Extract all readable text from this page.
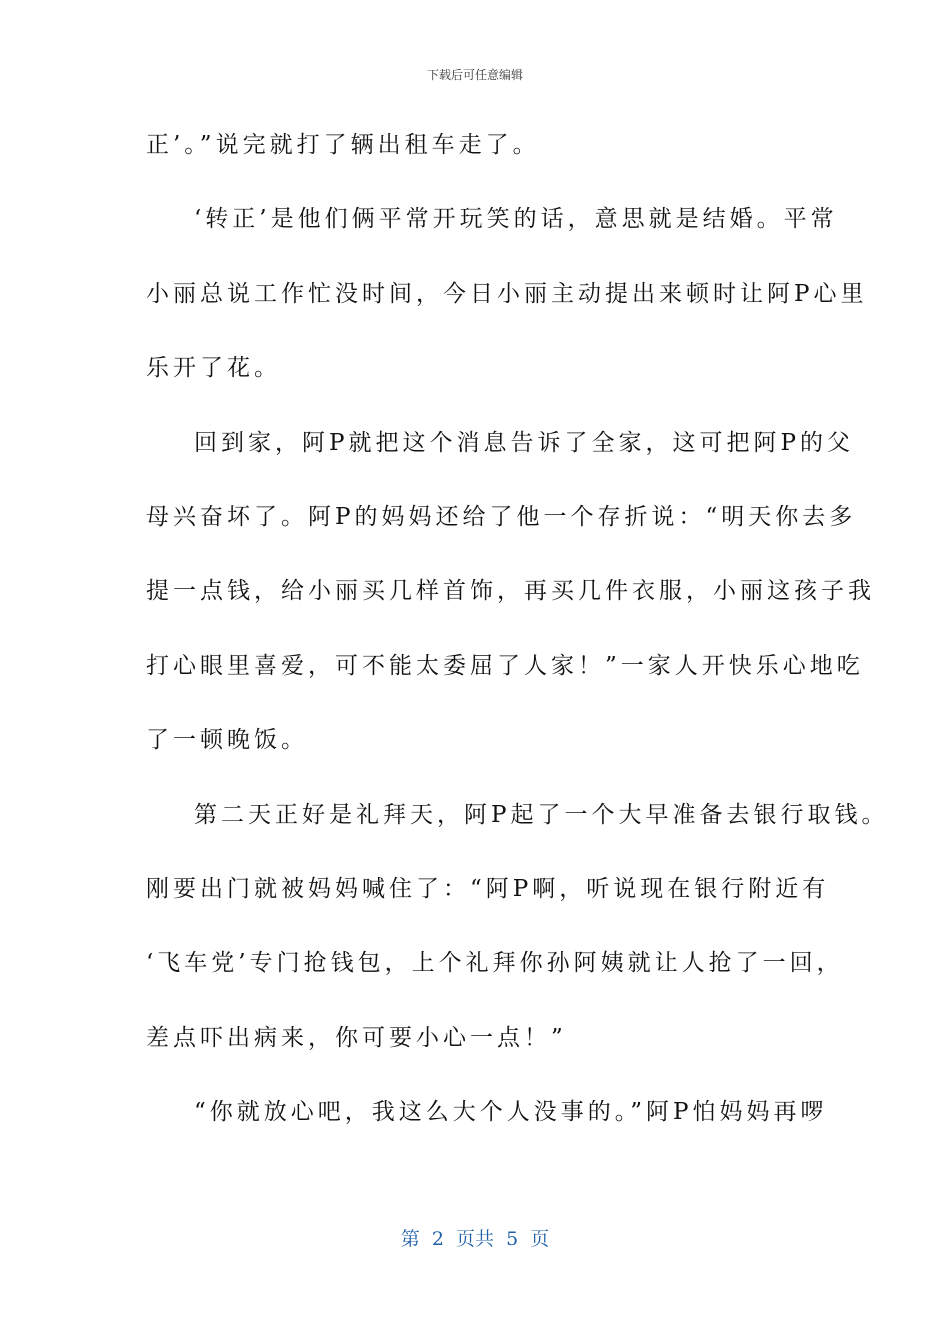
下载后可任意编辑
正’。”说完就打了辆出租车走了。
‘转正’是他们俩平常开玩笑的话，意思就是结婚。平常
小丽总说工作忙没时间，今日小丽主动提出来顿时让阿P心里
乐开了花。
回到家，阿P就把这个消息告诉了全家，这可把阿P的父
母兴奋坏了。阿P的妈妈还给了他一个存折说：“明天你去多
提一点钱，给小丽买几样首饰，再买几件衣服，小丽这孩子我
打心眼里喜爱，可不能太委屈了人家！”一家人开快乐心地吃
了一顿晚饭。
第二天正好是礼拜天，阿P起了一个大早准备去银行取钱。
刚要出门就被妈妈喊住了：“阿P啊，听说现在银行附近有
‘飞车党’专门抢钱包，上个礼拜你孙阿姨就让人抢了一回，
差点吓出病来，你可要小心一点！”
“你就放心吧，我这么大个人没事的。”阿P怕妈妈再啰
第  2  页共  5  页
